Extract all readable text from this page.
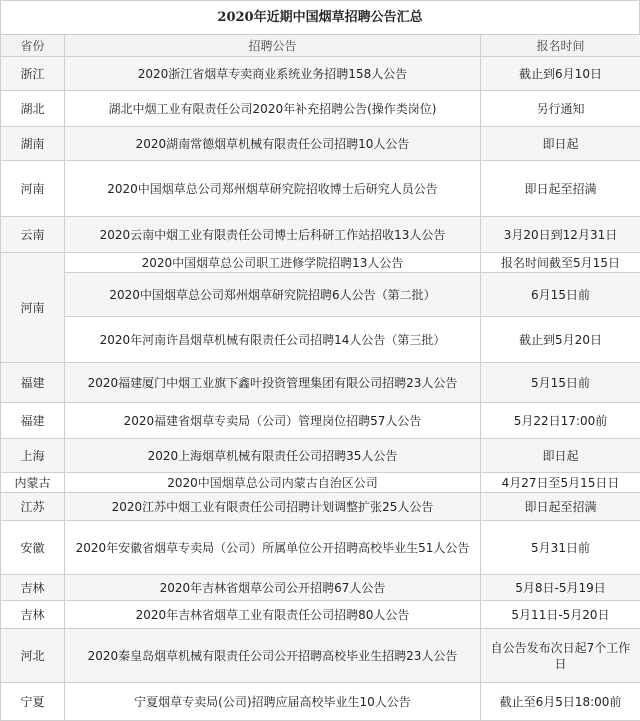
2020年近期中国烟草招聘公告汇总
省份	招聘公告	报名时间
浙江	2020浙江省烟草专卖商业系统业务招聘158人公告	截止到6月10日
湖北	湖北中烟工业有限责任公司2020年补充招聘公告(操作类岗位)	另行通知
湖南	2020湖南常德烟草机械有限责任公司招聘10人公告	即日起
河南	2020中国烟草总公司郑州烟草研究院招收博士后研究人员公告	即日起至招满
云南	2020云南中烟工业有限责任公司博士后科研工作站招收13人公告	3月20日到12月31日
河南	2020中国烟草总公司职工进修学院招聘13人公告	报名时间截至5月15日
	2020中国烟草总公司郑州烟草研究院招聘6人公告（第二批）	6月15日前
	2020年河南许昌烟草机械有限责任公司招聘14人公告（第三批）	截止到5月20日
福建	2020福建厦门中烟工业旗下鑫叶投资管理集团有限公司招聘23人公告	5月15日前
福建	2020福建省烟草专卖局（公司）管理岗位招聘57人公告	5月22日17:00前
上海	2020上海烟草机械有限责任公司招聘35人公告	即日起
内蒙古	2020中国烟草总公司内蒙古自治区公司	4月27日至5月15日日
江苏	2020江苏中烟工业有限责任公司招聘计划调整扩张25人公告	即日起至招满
安徽	2020年安徽省烟草专卖局（公司）所属单位公开招聘高校毕业生51人公告	5月31日前
吉林	2020年吉林省烟草公司公开招聘67人公告	5月8日-5月19日
吉林	2020年吉林省烟草工业有限责任公司招聘80人公告	5月11日-5月20日
河北	2020秦皇岛烟草机械有限责任公司公开招聘高校毕业生招聘23人公告	自公告发布次日起7个工作日
宁夏	宁夏烟草专卖局(公司)招聘应届高校毕业生10人公告	截止至6月5日18:00前
